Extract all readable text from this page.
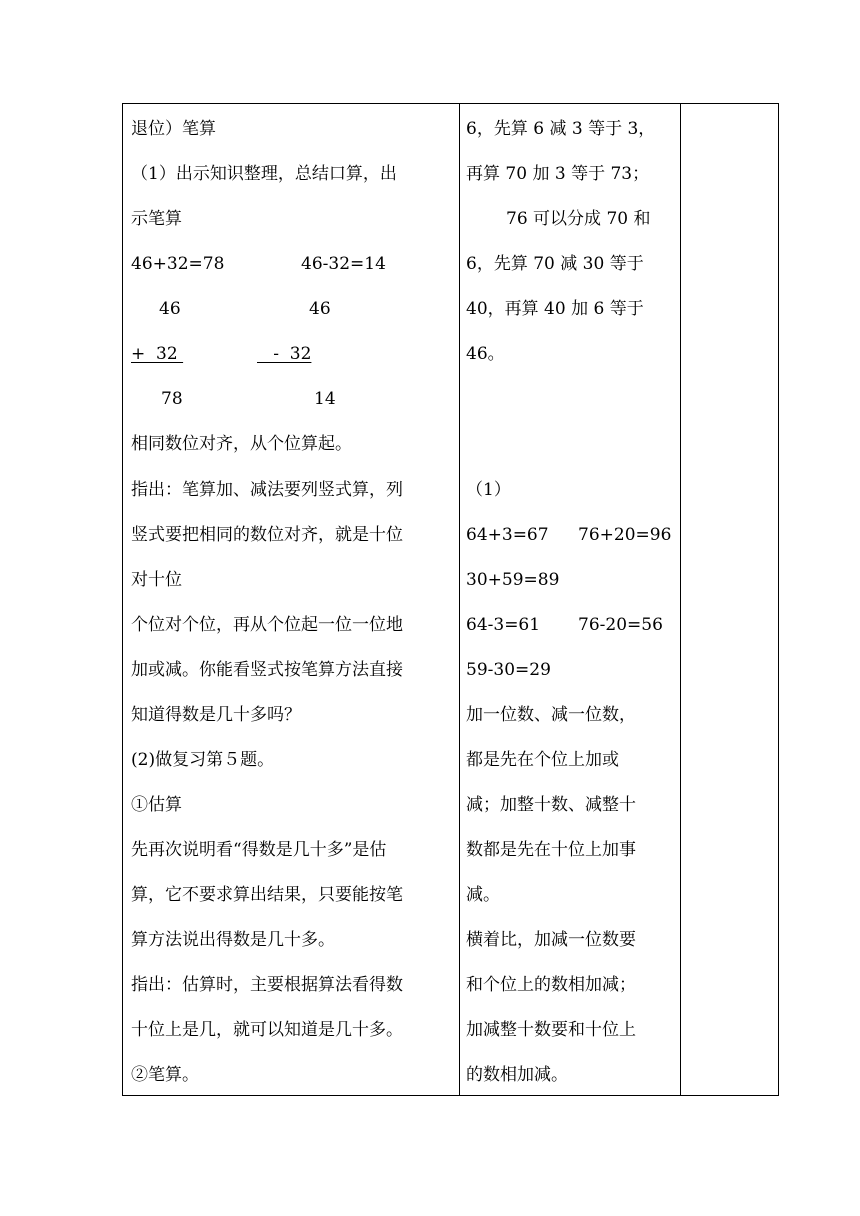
退位）笔算
（1）出示知识整理，总结口算，出
示笔算
46+32=78	46-32=14
46	46
+  32	-  32
78	14
相同数位对齐，从个位算起。
指出：笔算加、减法要列竖式算，列
竖式要把相同的数位对齐，就是十位
对十位
个位对个位，再从个位起一位一位地
加或减。你能看竖式按笔算方法直接
知道得数是几十多吗？
(2)做复习第５题。
①估算
先再次说明看“得数是几十多”是估
算，它不要求算出结果，只要能按笔
算方法说出得数是几十多。
指出：估算时，主要根据算法看得数
十位上是几，就可以知道是几十多。
②笔算。
6，先算 6 减 3 等于 3，
再算 70 加 3 等于 73；
76 可以分成 70 和
6，先算 70 减 30 等于
40，再算 40 加 6 等于
46。
（1）
64+3=67 76+20=96
30+59=89
64-3=61 76-20=56
59-30=29
加一位数、减一位数，
都是先在个位上加或
减；加整十数、减整十
数都是先在十位上加事
减。
横着比，加减一位数要
和个位上的数相加减；
加减整十数要和十位上
的数相加减。
